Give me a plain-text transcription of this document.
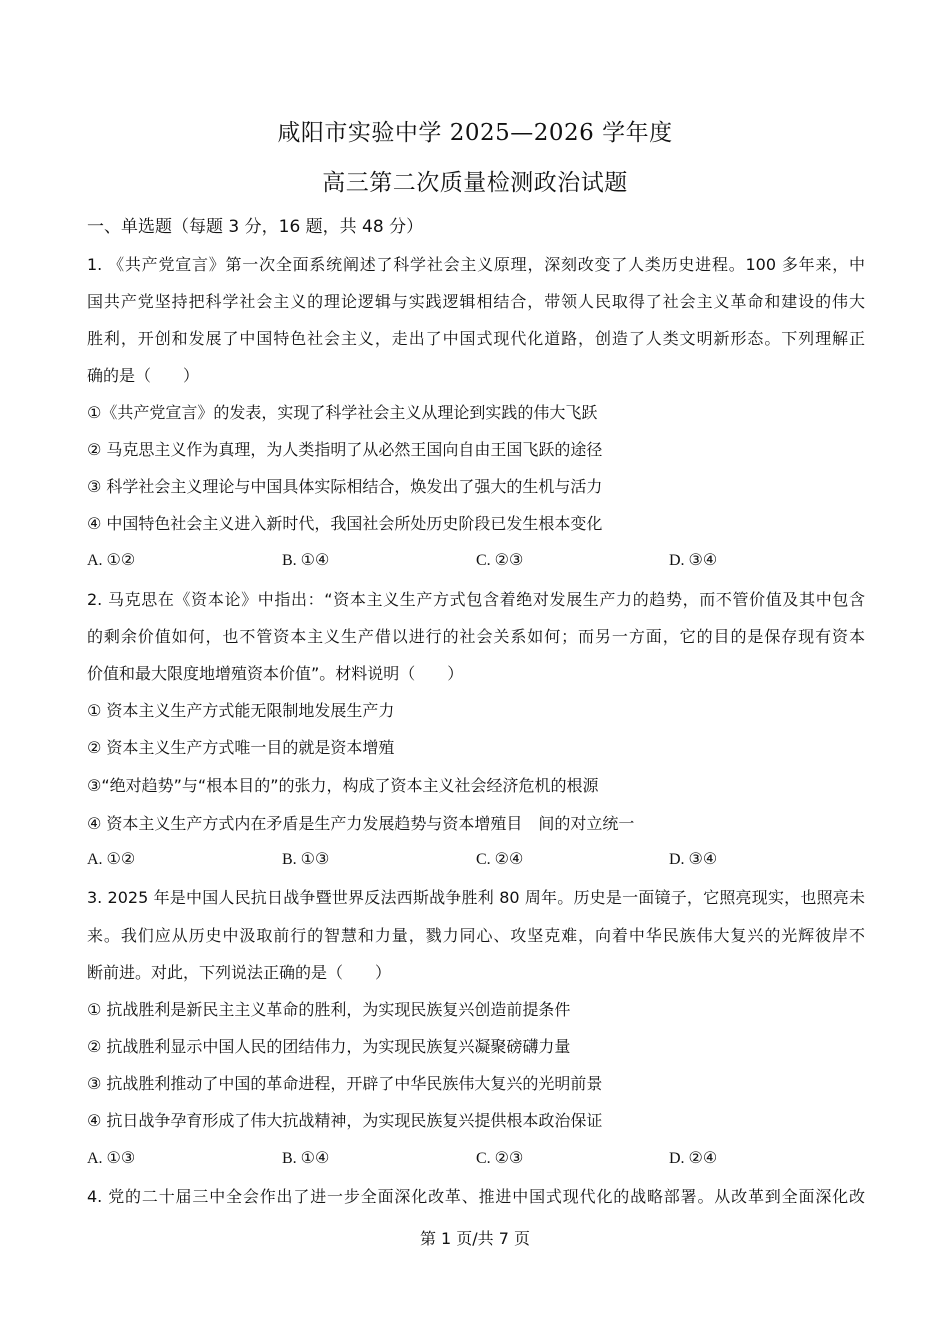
咸阳市实验中学 2025—2026 学年度
高三第二次质量检测政治试题
一、单选题（每题 3 分，16 题，共 48 分）
1. 《共产党宣言》第一次全面系统阐述了科学社会主义原理，深刻改变了人类历史进程。100 多年来，中
国共产党坚持把科学社会主义的理论逻辑与实践逻辑相结合，带领人民取得了社会主义革命和建设的伟大
胜利，开创和发展了中国特色社会主义，走出了中国式现代化道路，创造了人类文明新形态。下列理解正
确的是（　　）
①《共产党宣言》的发表，实现了科学社会主义从理论到实践的伟大飞跃
② 马克思主义作为真理，为人类指明了从必然王国向自由王国飞跃的途径
③ 科学社会主义理论与中国具体实际相结合，焕发出了强大的生机与活力
④ 中国特色社会主义进入新时代，我国社会所处历史阶段已发生根本变化
A. ①②	B. ①④	C. ②③	D. ③④
2. 马克思在《资本论》中指出：“资本主义生产方式包含着绝对发展生产力的趋势，而不管价值及其中包含
的剩余价值如何，也不管资本主义生产借以进行的社会关系如何；而另一方面，它的目的是保存现有资本
价值和最大限度地增殖资本价值”。材料说明（　　）
① 资本主义生产方式能无限制地发展生产力
② 资本主义生产方式唯一目的就是资本增殖
③“绝对趋势”与“根本目的”的张力，构成了资本主义社会经济危机的根源
④ 资本主义生产方式内在矛盾是生产力发展趋势与资本增殖目　间的对立统一
A. ①②	B. ①③	C. ②④	D. ③④
3. 2025 年是中国人民抗日战争暨世界反法西斯战争胜利 80 周年。历史是一面镜子，它照亮现实，也照亮未
来。我们应从历史中汲取前行的智慧和力量，戮力同心、攻坚克难，向着中华民族伟大复兴的光辉彼岸不
断前进。对此，下列说法正确的是（　　）
① 抗战胜利是新民主主义革命的胜利，为实现民族复兴创造前提条件
② 抗战胜利显示中国人民的团结伟力，为实现民族复兴凝聚磅礴力量
③ 抗战胜利推动了中国的革命进程，开辟了中华民族伟大复兴的光明前景
④ 抗日战争孕育形成了伟大抗战精神，为实现民族复兴提供根本政治保证
A. ①③	B. ①④	C. ②③	D. ②④
4. 党的二十届三中全会作出了进一步全面深化改革、推进中国式现代化的战略部署。从改革到全面深化改
第 1 页/共 7 页
